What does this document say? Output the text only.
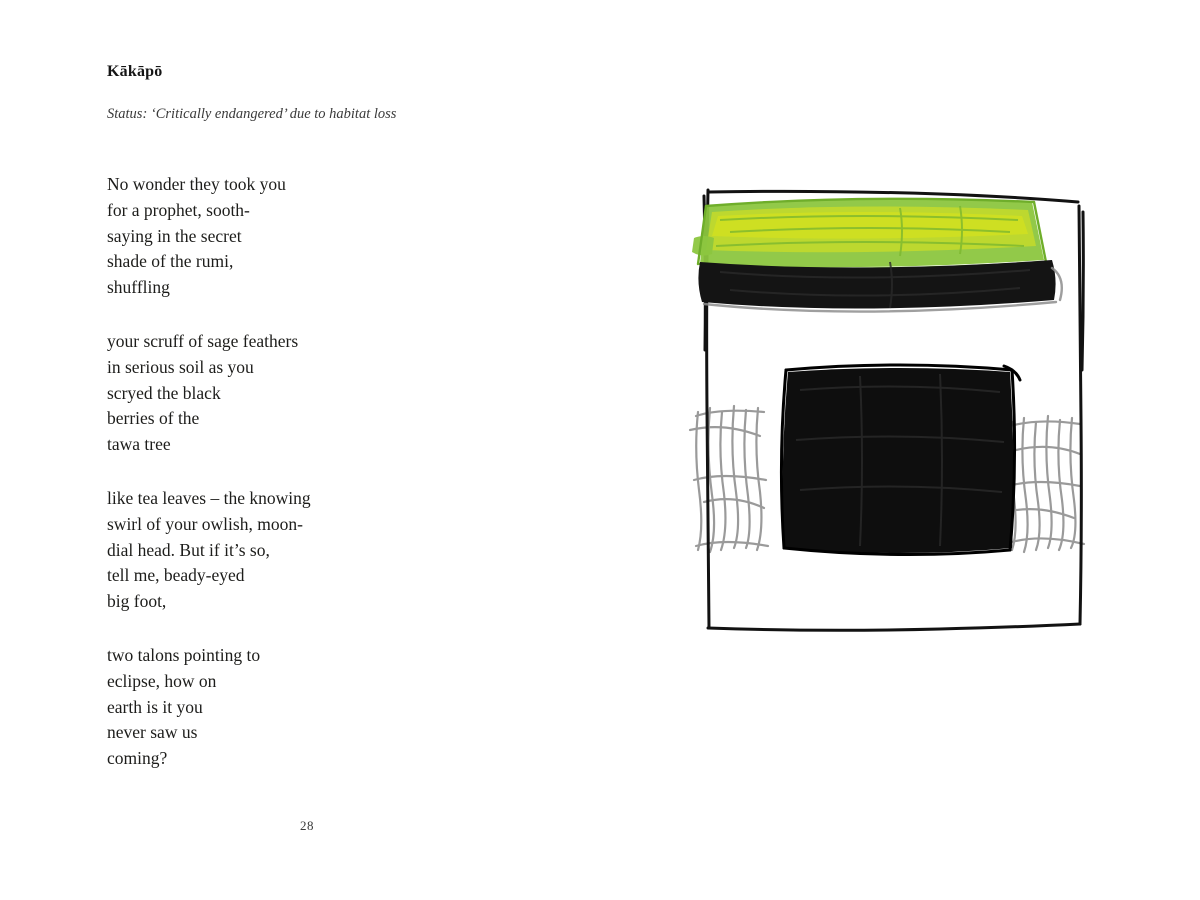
Kākāpō

Status: ‘Critically endangered’ due to habitat loss

No wonder they took you
for a prophet, sooth-
saying in the secret
shade of the rumi,
shuffling
your scruff of sage feathers
in serious soil as you
scryed the black
berries of the
tawa tree
like tea leaves – the knowing
swirl of your owlish, moon-
dial head. But if it’s so,
tell me, beady-eyed
big foot,
two talons pointing to
eclipse, how on
earth is it you
never saw us
coming?
28
